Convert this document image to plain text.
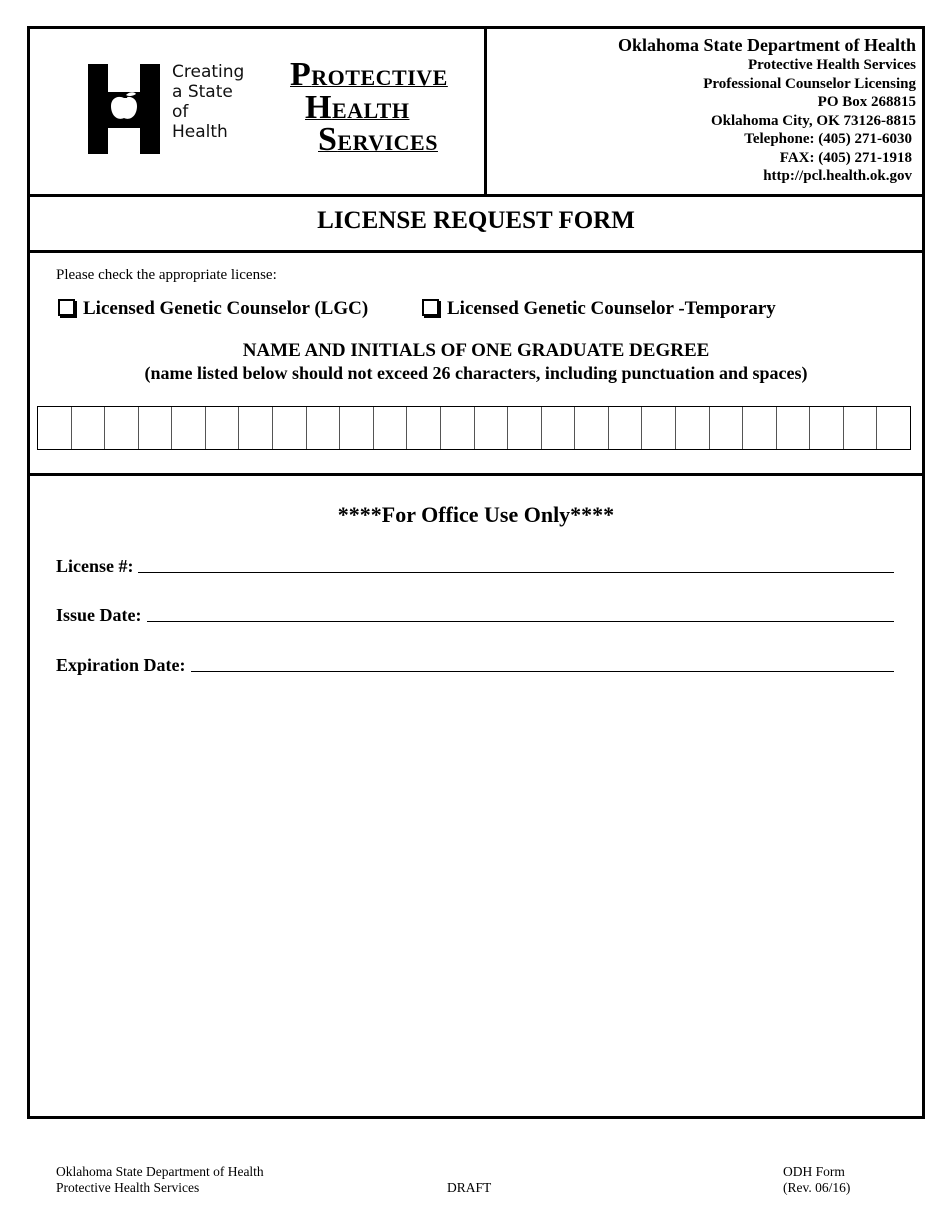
Creating
a State
of Health
PROTECTIVE
HEALTH
SERVICES
Oklahoma State Department of Health
Protective Health Services
Professional Counselor Licensing
PO Box 268815
Oklahoma City, OK 73126-8815
Telephone: (405) 271-6030
FAX: (405) 271-1918
http://pcl.health.ok.gov
LICENSE REQUEST FORM
Please check the appropriate license:
Licensed Genetic Counselor (LGC)	Licensed Genetic Counselor -Temporary
NAME AND INITIALS OF ONE GRADUATE DEGREE
(name listed below should not exceed 26 characters, including punctuation and spaces)
****For Office Use Only****
License #:
Issue Date:
Expiration Date:
Oklahoma State Department of Health
Protective Health Services	DRAFT
ODH Form
(Rev. 06/16)
